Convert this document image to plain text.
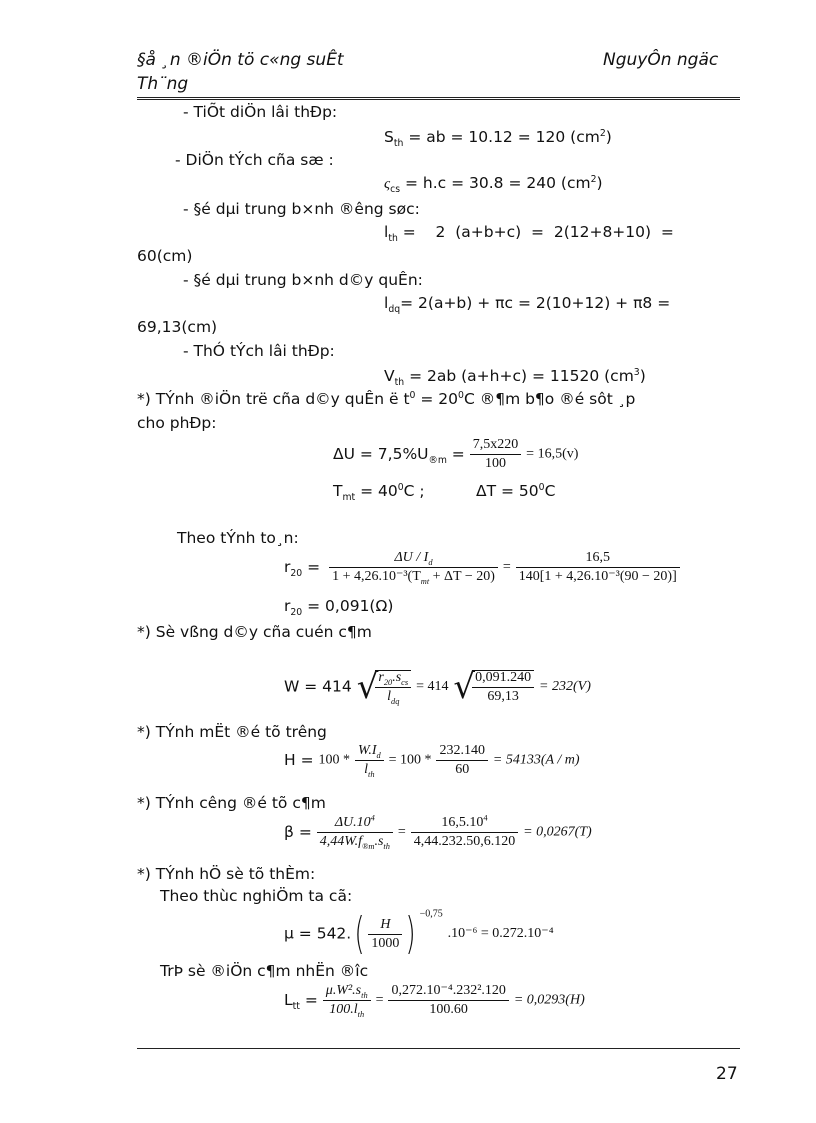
§å ¸n ®iÖn tö c«ng suÊt	NguyÔn ngäc
Th¨ng
- TiÕt diÖn lâi thÐp:
$S_{th}$ = ab = 10.12 = 120 $(cm^2)$
- DiÖn tÝch cña sæ :
$\varsigma_{cs} = h.c = 30.8 = 240$ $(cm^2)$
- §é dµi trung b×nh ®êng søc:
$l_{th}$ =    2  (a+b+c)  =  2(12+8+10)  =
60(cm)
- §é dµi trung b×nh d©y quÊn:
$l_{dq}= 2(a+b) + \pi c = 2(10+12) + \pi 8$ =
69,13(cm)
- ThÓ tÝch lâi thÐp:
$V_{th} = 2ab$ (a+h+c) = 11520 $(cm^3)$
*) TÝnh ®iÖn trë cña d©y quÊn ë $t^0 = 20^0C$ ®¶m b¶o ®é sôt ¸p
cho phÐp:
$\Delta U = 7,5\%U_{®m} = \frac{7,5x220}{100} = 16,5(v)$
$T_{mt} = 40^0C$ ;	$\Delta T = 50^0C$
Theo tÝnh to¸n:
$r_{20} = \frac{\Delta U / I_d}{1 + 4,26.10^{-3}(T_{mt} + \Delta T - 20)} = \frac{16,5}{\text{140[1 + 4,26.10⁻³(90 − 20)]}}$
$r_{20} = 0,091(\Omega)$
*) Sè vßng d©y cña cuén c¶m
W = 414 √
$\frac{r_{20}.s_{cs}}{l_{dq}} = 414$ √
$\frac{0,091.240}{69,13} = 232(V)$
*) TÝnh mËt ®é tõ trêng
$H = 100 * \frac{W.I_d}{l_{th}} = 100 * \frac{232.140}{60} = 54133(A / m)$
*) TÝnh cêng ®é tõ c¶m
$\beta = \frac{\Delta U.10^4}{4,44W.f_{®m}.s_{th}} = \frac{16,5.10^4}{4,44.232.50,6.120} = 0,0267(T)$
*) TÝnh hÖ sè tõ thÈm:
Theo thùc nghiÖm ta cã:
$\mu = 542.( \frac{H}{1000}$ ) $^{-0,75}$ .10⁻⁶ = 0.272.10⁻⁴
TrÞ sè ®iÖn c¶m nhËn ®îc
$L_{tt} = \frac{\mu.W^2.s_{th}}{100.l_{th}} = \frac{\text{0,272.10⁻⁴.232².120}}{100.60} = 0,0293(H)$
27
